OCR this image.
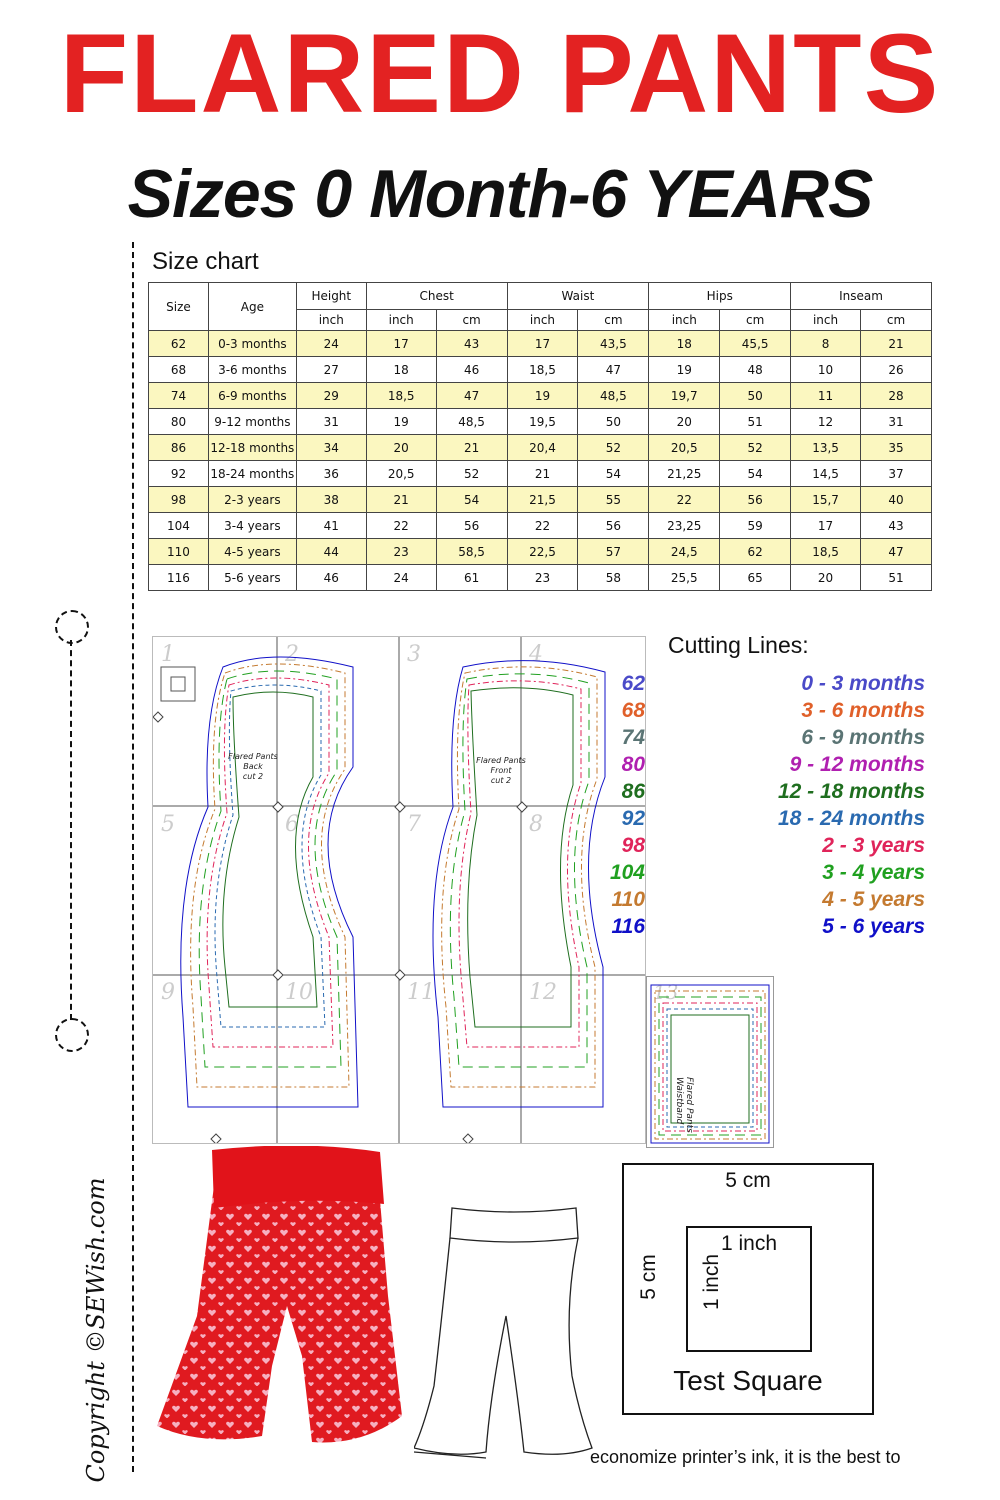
FLARED PANTS
Sizes 0 Month-6 YEARS
Copyright ©SEWish.com
Size chart
Size	Age	Height	Chest		Waist		Hips		Inseam	
		inch	inch	cm	inch	cm	inch	cm	inch	cm
62	0-3 months	24	17	43	17	43,5	18	45,5	8	21
68	3-6 months	27	18	46	18,5	47	19	48	10	26
74	6-9 months	29	18,5	47	19	48,5	19,7	50	11	28
80	9-12 months	31	19	48,5	19,5	50	20	51	12	31
86	12-18 months	34	20	21	20,4	52	20,5	52	13,5	35
92	18-24 months	36	20,5	52	21	54	21,25	54	14,5	37
98	2-3 years	38	21	54	21,5	55	22	56	15,7	40
104	3-4 years	41	22	56	22	56	23,25	59	17	43
110	4-5 years	44	23	58,5	22,5	57	24,5	62	18,5	47
116	5-6 years	46	24	61	23	58	25,5	65	20	51
1	2	3	4
5	6	7	8
9	10	11	12
Flared Pants
Back
cut 2
Flared Pants
Front
cut 2
13
Flared Pants
Waistband
Cutting Lines:
62	0 - 3 months
68	3 - 6 months
74	6 - 9 months
80	9 - 12 months
86	12 - 18 months
92	18 - 24 months
98	2 - 3 years
104	3 - 4 years
110	4 - 5 years
116	5 - 6 years
5 cm
5 cm
1 inch
1 inch
Test Square
economize printer’s ink, it is the best to
